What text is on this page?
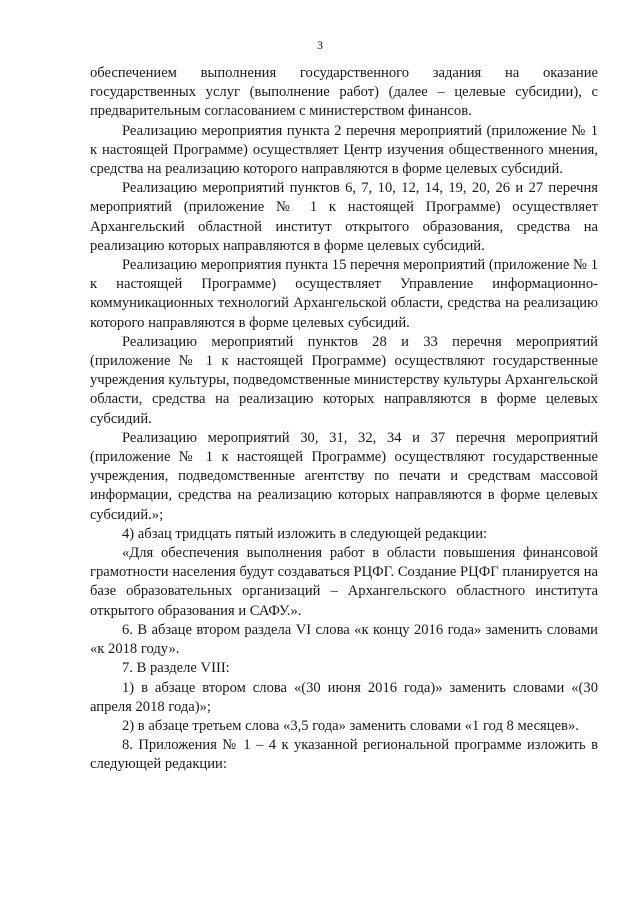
3

обеспечением выполнения государственного задания на оказание государственных услуг (выполнение работ) (далее – целевые субсидии), с предварительным согласованием с министерством финансов.

Реализацию мероприятия пункта 2 перечня мероприятий (приложение № 1 к настоящей Программе) осуществляет Центр изучения общественного мнения, средства на реализацию которого направляются в форме целевых субсидий.

Реализацию мероприятий пунктов 6, 7, 10, 12, 14, 19, 20, 26 и 27 перечня мероприятий (приложение № 1 к настоящей Программе) осуществляет Архангельский областной институт открытого образования, средства на реализацию которых направляются в форме целевых субсидий.

Реализацию мероприятия пункта 15 перечня мероприятий (приложение № 1 к настоящей Программе) осуществляет Управление информационно-коммуникационных технологий Архангельской области, средства на реализацию которого направляются в форме целевых субсидий.

Реализацию мероприятий пунктов 28 и 33 перечня мероприятий (приложение № 1 к настоящей Программе) осуществляют государственные учреждения культуры, подведомственные министерству культуры Архангельской области, средства на реализацию которых направляются в форме целевых субсидий.

Реализацию мероприятий 30, 31, 32, 34 и 37 перечня мероприятий (приложение № 1 к настоящей Программе) осуществляют государственные учреждения, подведомственные агентству по печати и средствам массовой информации, средства на реализацию которых направляются в форме целевых субсидий.»;

4) абзац тридцать пятый изложить в следующей редакции:

«Для обеспечения выполнения работ в области повышения финансовой грамотности населения будут создаваться РЦФГ. Создание РЦФГ планируется на базе образовательных организаций – Архангельского областного института открытого образования и САФУ.».

6. В абзаце втором раздела VI слова «к концу 2016 года» заменить словами «к 2018 году».

7. В разделе VIII:

1) в абзаце втором слова «(30 июня 2016 года)» заменить словами «(30 апреля 2018 года)»;

2) в абзаце третьем слова «3,5 года» заменить словами «1 год 8 месяцев».

8. Приложения № 1 – 4 к указанной региональной программе изложить в следующей редакции:
